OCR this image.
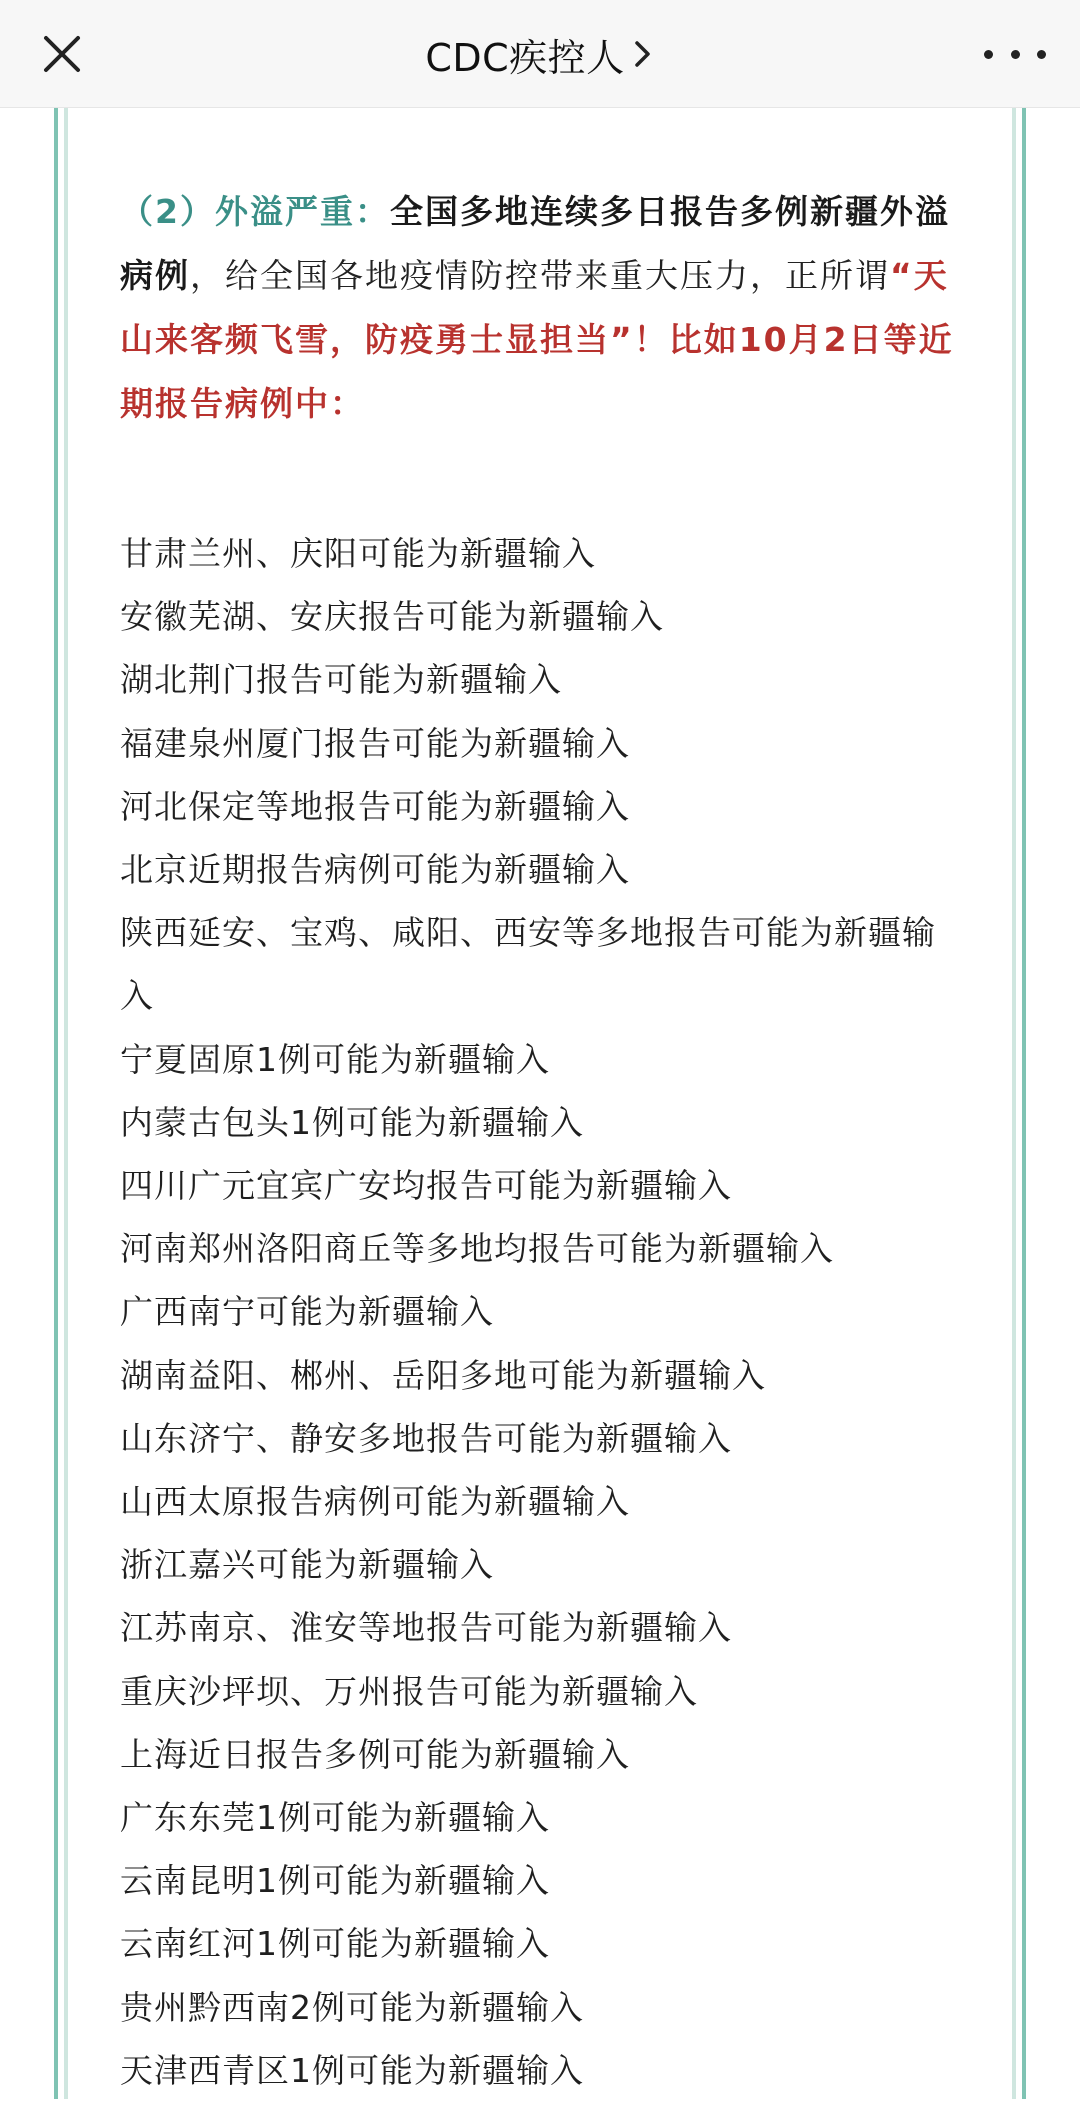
CDC疾控人

（2）外溢严重：全国多地连续多日报告多例新疆外溢病例，给全国各地疫情防控带来重大压力，正所谓“天山来客频飞雪，防疫勇士显担当”！比如10月2日等近期报告病例中：

甘肃兰州、庆阳可能为新疆输入
安徽芜湖、安庆报告可能为新疆输入
湖北荆门报告可能为新疆输入
福建泉州厦门报告可能为新疆输入
河北保定等地报告可能为新疆输入
北京近期报告病例可能为新疆输入
陕西延安、宝鸡、咸阳、西安等多地报告可能为新疆输入
宁夏固原1例可能为新疆输入
内蒙古包头1例可能为新疆输入
四川广元宜宾广安均报告可能为新疆输入
河南郑州洛阳商丘等多地均报告可能为新疆输入
广西南宁可能为新疆输入
湖南益阳、郴州、岳阳多地可能为新疆输入
山东济宁、静安多地报告可能为新疆输入
山西太原报告病例可能为新疆输入
浙江嘉兴可能为新疆输入
江苏南京、淮安等地报告可能为新疆输入
重庆沙坪坝、万州报告可能为新疆输入
上海近日报告多例可能为新疆输入
广东东莞1例可能为新疆输入
云南昆明1例可能为新疆输入
云南红河1例可能为新疆输入
贵州黔西南2例可能为新疆输入
天津西青区1例可能为新疆输入
